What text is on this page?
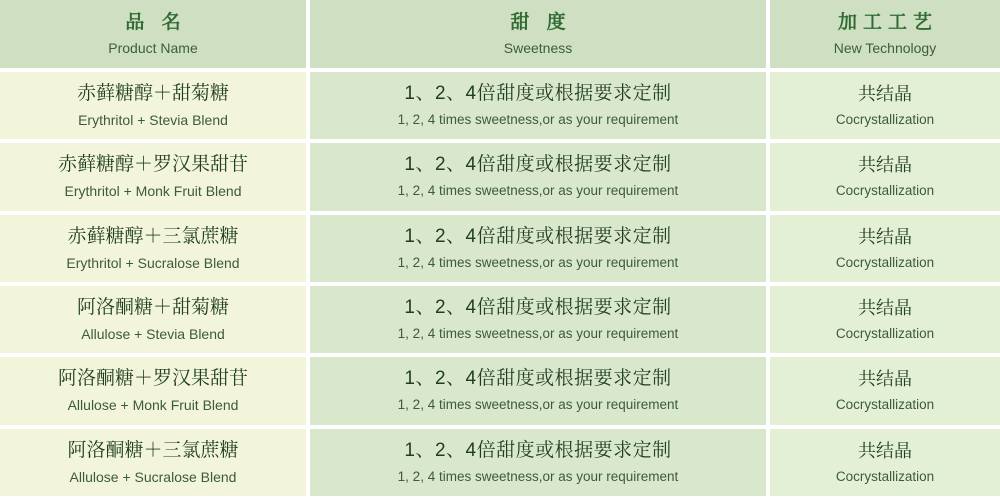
品 名
Product Name
甜 度
Sweetness
加工工艺
New Technology
赤藓糖醇＋甜菊糖
Erythritol + Stevia Blend
1、2、4倍甜度或根据要求定制
1, 2, 4 times sweetness,or as your requirement
共结晶
Cocrystallization
赤藓糖醇＋罗汉果甜苷
Erythritol + Monk Fruit Blend
1、2、4倍甜度或根据要求定制
1, 2, 4 times sweetness,or as your requirement
共结晶
Cocrystallization
赤藓糖醇＋三氯蔗糖
Erythritol + Sucralose Blend
1、2、4倍甜度或根据要求定制
1, 2, 4 times sweetness,or as your requirement
共结晶
Cocrystallization
阿洛酮糖＋甜菊糖
Allulose + Stevia Blend
1、2、4倍甜度或根据要求定制
1, 2, 4 times sweetness,or as your requirement
共结晶
Cocrystallization
阿洛酮糖＋罗汉果甜苷
Allulose + Monk Fruit Blend
1、2、4倍甜度或根据要求定制
1, 2, 4 times sweetness,or as your requirement
共结晶
Cocrystallization
阿洛酮糖＋三氯蔗糖
Allulose + Sucralose Blend
1、2、4倍甜度或根据要求定制
1, 2, 4 times sweetness,or as your requirement
共结晶
Cocrystallization
